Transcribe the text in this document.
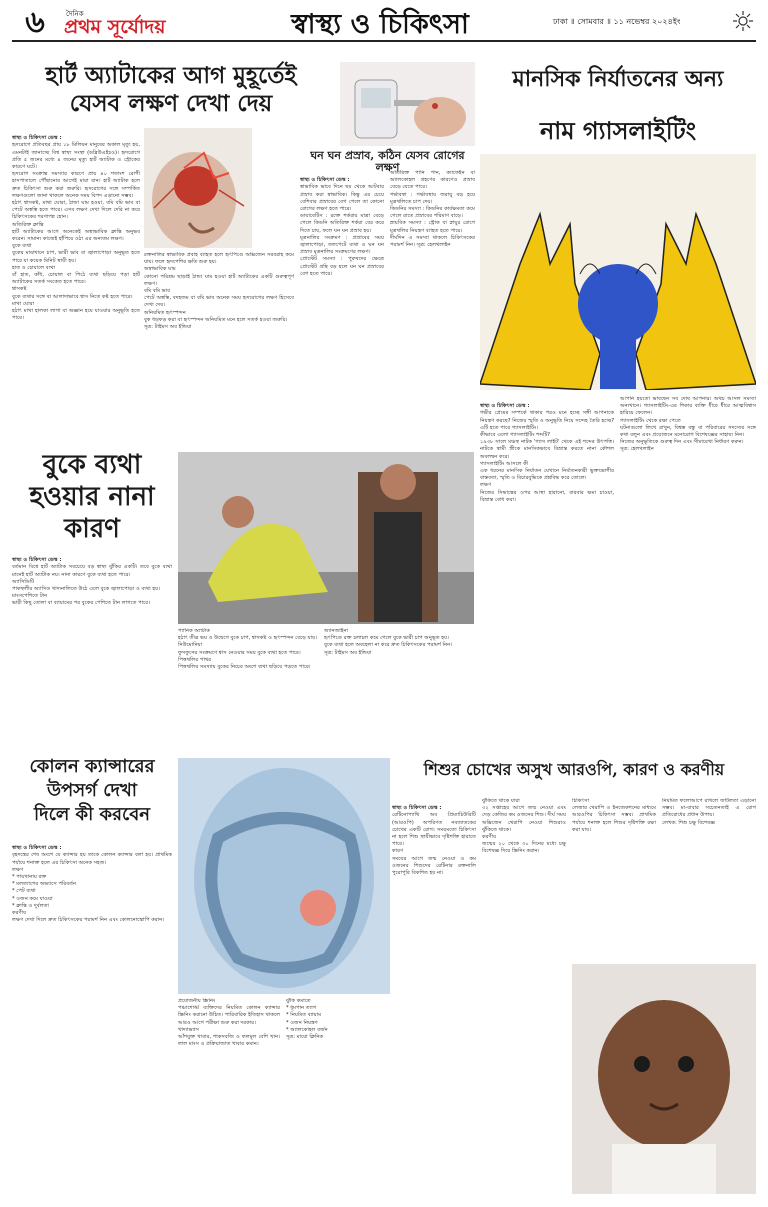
৬	দৈনিক
প্রথম সূর্যোদয়	স্বাস্থ্য ও চিকিৎসা	ঢাকা ॥ সোমবার ॥ ১১ নভেম্বর ২০২৪ইং
হার্ট অ্যাটাকের আগ মুহূর্তেই
যেসব লক্ষণ দেখা দেয়

স্বাস্থ্য ও চিকিৎসা ডেস্ক :
হৃদরোগে প্রতিবছর প্রায় ১৮ মিলিয়ন মানুষের অকাল মৃত্যু হয়, এমনটাই জানাচ্ছে বিশ্ব স্বাস্থ্য সংস্থা (ডব্লিউএইচও)। হৃদরোগে প্রতি ৫ জনের মধ্যে ৪ জনের মৃত্যু হার্ট অ্যাটাক ও স্ট্রোকের কারণে ঘটে।
হৃদরোগ সংক্রান্ত সমস্যার কারণে প্রায় ৪০ শতাংশ রোগী হাসপাতালে পৌঁছানোর আগেই মারা যান। হার্ট অ্যাটাক হলে দ্রুত চিকিৎসা শুরু করা জরুরি। হৃদরোগের সঙ্গে সম্পর্কিত লক্ষণগুলো জানা থাকলে অনেক সময় বিপদ এড়ানো সম্ভব।
হঠাৎ শ্বাসকষ্ট, মাথা ঘোরা, ঠান্ডা ঘাম হওয়া, বমি বমি ভাব বা পেটে অস্বস্তি হতে পারে। এসব লক্ষণ দেখা দিলে দেরি না করে চিকিৎসকের শরণাপন্ন হোন।
অতিরিক্ত ক্লান্তি
হার্ট অ্যাটাকের আগে অনেকেই অস্বাভাবিক ক্লান্তি অনুভব করেন। সামান্য কাজেই হাঁপিয়ে ওঠা এর অন্যতম লক্ষণ।
বুকে ব্যথা
বুকের মাঝখানে চাপ, ভারী ভাব বা জ্বালাপোড়া অনুভূত হতে পারে যা কয়েক মিনিট স্থায়ী হয়।
হাত ও চোয়ালে ব্যথা
বাঁ হাত, কাঁধ, চোয়াল বা পিঠে ব্যথা ছড়িয়ে পড়া হার্ট অ্যাটাকের সতর্ক সংকেত হতে পারে।
শ্বাসকষ্ট
বুকে ব্যথার সঙ্গে বা আলাদাভাবে শ্বাস নিতে কষ্ট হতে পারে।
মাথা ঘোরা
হঠাৎ মাথা হালকা লাগা বা অজ্ঞান হয়ে যাওয়ার অনুভূতি হতে পারে।

রক্তনালির স্বাভাবিক প্রবাহ ব্যাহত হলে হৃৎপিণ্ডে অক্সিজেন সরবরাহ কমে যায়। ফলে হৃদপেশির ক্ষতি শুরু হয়।
অস্বাভাবিক ঘাম
কোনো পরিশ্রম ছাড়াই ঠান্ডা ঘাম হওয়া হার্ট অ্যাটাকের একটি গুরুত্বপূর্ণ লক্ষণ।
বমি বমি ভাব
পেটে অস্বস্তি, বদহজম বা বমি ভাব অনেক সময় হৃদরোগের লক্ষণ হিসেবে দেখা দেয়।
অনিয়মিত হৃৎস্পন্দন
বুক ধড়ফড় করা বা হৃৎস্পন্দন অনিয়মিত মনে হলে সতর্ক হওয়া জরুরি।
সূত্র: টাইমস অব ইন্ডিয়া
ঘন ঘন প্রস্রাব, কঠিন যেসব রোগের লক্ষণ

স্বাস্থ্য ও চিকিৎসা ডেস্ক :
স্বাভাবিক ভাবে দিনে ছয় থেকে আটবার প্রস্রাব করা স্বাভাবিক। কিন্তু এর চেয়ে বেশিবার প্রস্রাবের বেগ পেলে তা কোনো রোগের লক্ষণ হতে পারে।
ডায়াবেটিস : রক্তে শর্করার মাত্রা বেড়ে গেলে কিডনি অতিরিক্ত শর্করা বের করে দিতে চায়, ফলে ঘন ঘন প্রস্রাব হয়।
মূত্রনালির সংক্রমণ : প্রস্রাবের সময় জ্বালাপোড়া, তলপেটে ব্যথা ও ঘন ঘন প্রস্রাব মূত্রনালির সংক্রমণের লক্ষণ।
প্রোস্টেট সমস্যা : পুরুষদের ক্ষেত্রে প্রোস্টেট গ্রন্থি বড় হলে ঘন ঘন প্রস্রাবের বেগ হতে পারে।

অতিরিক্ত পানি পান, ক্যাফেইন বা অ্যালকোহল গ্রহণের কারণেও প্রস্রাব বেড়ে যেতে পারে।
গর্ভাবস্থা : গর্ভাবস্থায় জরায়ু বড় হয়ে মূত্রথলিতে চাপ দেয়।
কিডনির সমস্যা : কিডনির কার্যক্ষমতা কমে গেলে রাতে প্রস্রাবের পরিমাণ বাড়ে।
স্নায়বিক সমস্যা : স্ট্রোক বা স্নায়ুর রোগে মূত্রথলির নিয়ন্ত্রণ ব্যাহত হতে পারে।
দীর্ঘদিন এ সমস্যা থাকলে চিকিৎসকের পরামর্শ নিন। সূত্র: হেলথলাইন
মানসিক নির্যাতনের অন্য
নাম গ্যাসলাইটিং

স্বাস্থ্য ও চিকিৎসা ডেস্ক :
গভীর প্রেমের সম্পর্কে থাকার পরও মনে হচ্ছে সঙ্গী আপনাকে নিয়ন্ত্রণ করছে? নিজের স্মৃতি ও অনুভূতি নিয়ে সন্দেহ তৈরি হচ্ছে? এটি হতে পারে গ্যাসলাইটিং।
কীভাবে এলো গ্যাসলাইটিং শব্দটি?
১৯৩৮ সালে মঞ্চস্থ নাটক 'গ্যাস লাইট' থেকে এই শব্দের উৎপত্তি। নাটকে স্বামী স্ত্রীকে মানসিকভাবে বিভ্রান্ত করতে নানা কৌশল অবলম্বন করে।
গ্যাসলাইটিং আসলে কী
এক ধরনের মানসিক নির্যাতন যেখানে নির্যাতনকারী ভুক্তভোগীর বাস্তবতা, স্মৃতি ও বিচারবুদ্ধিকে প্রশ্নবিদ্ধ করে তোলে।
লক্ষণ
নিজের সিদ্ধান্তের ওপর আস্থা হারানো, বারবার ক্ষমা চাওয়া, বিভ্রান্ত বোধ করা।

আপনি হয়তো ভাবছেন সব দোষ আপনার। অথচ আসল সমস্যা অন্যখানে। গ্যাসলাইটিং-এর শিকার ব্যক্তি ধীরে ধীরে আত্মবিশ্বাস হারিয়ে ফেলেন।
গ্যাসলাইটিং থেকে রক্ষা পেতে
ঘটনাগুলো লিখে রাখুন, বিশ্বস্ত বন্ধু বা পরিবারের সদস্যের সঙ্গে কথা বলুন এবং প্রয়োজনে মনোরোগ বিশেষজ্ঞের সাহায্য নিন।
নিজের অনুভূতিকে গুরুত্ব দিন এবং সীমারেখা নির্ধারণ করুন।
সূত্র: হেলথলাইন
বুকে ব্যথা
হওয়ার নানা
কারণ

স্বাস্থ্য ও চিকিৎসা ডেস্ক :
বর্তমান বিশ্বে হার্ট অ্যাটাক সবচেয়ে বড় স্বাস্থ্য ঝুঁকির একটি। তবে বুকে ব্যথা মানেই হার্ট অ্যাটাক নয়। নানা কারণে বুকে ব্যথা হতে পারে।
অ্যাসিডিটি
পাকস্থলীর অ্যাসিড খাদ্যনালিতে উঠে এলে বুকে জ্বালাপোড়া ও ব্যথা হয়।
মাংসপেশিতে টান
ভারী কিছু তোলা বা ব্যায়ামের পর বুকের পেশিতে টান লাগতে পারে।

প্যানিক অ্যাটাক
হঠাৎ তীব্র ভয় ও উদ্বেগে বুকে চাপ, শ্বাসকষ্ট ও হৃৎস্পন্দন বেড়ে যায়।
নিউমোনিয়া
ফুসফুসের সংক্রমণে শ্বাস নেওয়ার সময় বুকে ব্যথা হতে পারে।
পিত্তথলির পাথর
পিত্তথলির সমস্যায় বুকের নিচের অংশে ব্যথা ছড়িয়ে পড়তে পারে।
অ্যানজাইনা
হৃৎপিণ্ডে রক্ত চলাচল কমে গেলে বুকে ভারী চাপ অনুভূত হয়।
বুকে ব্যথা হলে অবহেলা না করে দ্রুত চিকিৎসকের পরামর্শ নিন।
সূত্র: টাইমস অব ইন্ডিয়া
কোলন ক্যান্সারের
উপসর্গ দেখা
দিলে কী করবেন

স্বাস্থ্য ও চিকিৎসা ডেস্ক :
বৃহদন্ত্রের শেষ অংশে যে ক্যান্সার হয় তাকে কোলন ক্যান্সার বলা হয়। প্রাথমিক পর্যায়ে শনাক্ত হলে এর চিকিৎসা অনেক সহজ।
লক্ষণ
* পায়খানায় রক্ত
* মলত্যাগের অভ্যাসে পরিবর্তন
* পেট ব্যথা
* ওজন কমে যাওয়া
* ক্লান্তি ও দুর্বলতা
করণীয়
লক্ষণ দেখা দিলে দ্রুত চিকিৎসকের পরামর্শ নিন এবং কোলনোস্কোপি করান।

প্রয়োজনীয় স্ক্রিনিং
পঞ্চাশোর্ধ্ব ব্যক্তিদের নিয়মিত কোলন ক্যান্সার স্ক্রিনিং করানো উচিত। পারিবারিক ইতিহাস থাকলে আরও আগে পরীক্ষা শুরু করা দরকার।
খাদ্যাভ্যাস
আঁশযুক্ত খাবার, শাকসবজি ও ফলমূল বেশি খান। লাল মাংস ও প্রক্রিয়াজাত খাবার কমান।
ঝুঁকি কমাতে
* ধূমপান ত্যাগ
* নিয়মিত ব্যায়াম
* ওজন নিয়ন্ত্রণ
* অ্যালকোহল বর্জন
সূত্র: মায়ো ক্লিনিক
শিশুর চোখের অসুখ আরওপি, কারণ ও করণীয়

স্বাস্থ্য ও চিকিৎসা ডেস্ক :
রেটিনোপ্যাথি অব প্রিম্যাচিউরিটি (আরওপি) অপরিণত নবজাতকের চোখের একটি রোগ। সময়মতো চিকিৎসা না হলে শিশু স্থায়ীভাবে দৃষ্টিশক্তি হারাতে পারে।
কারণ
সময়ের আগে জন্ম নেওয়া ও কম ওজনের শিশুদের রেটিনার রক্তনালি পুরোপুরি বিকশিত হয় না।

ঝুঁকিতে থাকে যারা
৩২ সপ্তাহের আগে জন্ম নেওয়া এবং দেড় কেজির কম ওজনের শিশু। দীর্ঘ সময় অক্সিজেন থেরাপি নেওয়া শিশুরাও ঝুঁকিতে থাকে।
করণীয়
জন্মের ২০ থেকে ৩০ দিনের মধ্যে চক্ষু বিশেষজ্ঞ দিয়ে স্ক্রিনিং করান।
চিকিৎসা
লেজার থেরাপি ও ইনজেকশনের মাধ্যমে আরওপির চিকিৎসা সম্ভব। প্রাথমিক পর্যায়ে শনাক্ত হলে শিশুর দৃষ্টিশক্তি রক্ষা করা যায়।
নিয়মিত ফলোআপে রাখলে জটিলতা এড়ানো সম্ভব। মা-বাবার সচেতনতাই এ রোগ প্রতিরোধের প্রধান উপায়।
লেখক: শিশু চক্ষু বিশেষজ্ঞ
